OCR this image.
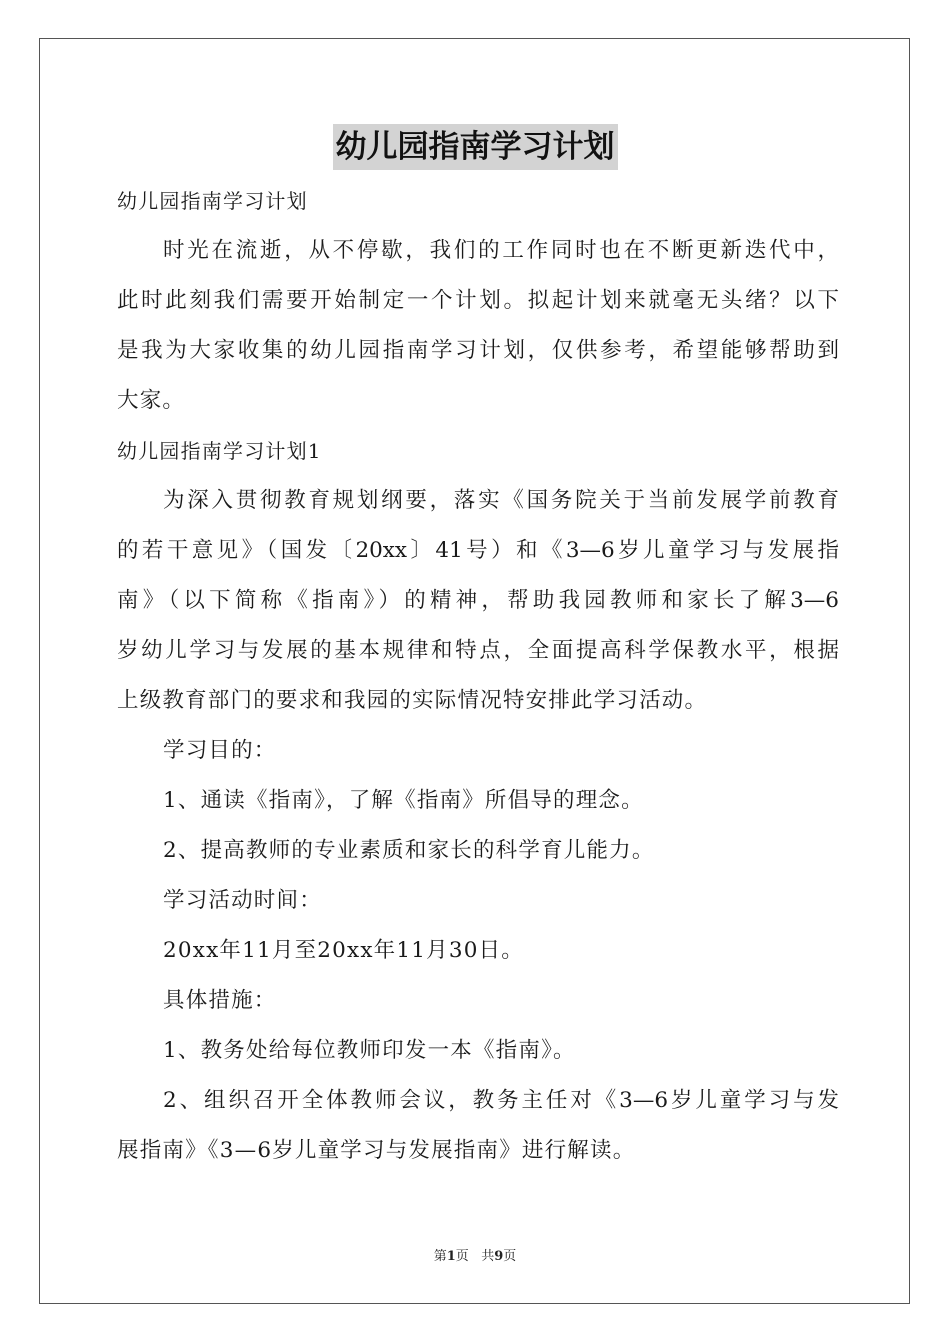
幼儿园指南学习计划
幼儿园指南学习计划
时光在流逝，从不停歇，我们的工作同时也在不断更新迭代中，
此时此刻我们需要开始制定一个计划。拟起计划来就毫无头绪？以下
是我为大家收集的幼儿园指南学习计划，仅供参考，希望能够帮助到
大家。
幼儿园指南学习计划1
为深入贯彻教育规划纲要，落实《国务院关于当前发展学前教育
的若干意见》（国发〔20xx〕41号）和《3—6岁儿童学习与发展指
南》（以下简称《指南》）的精神，帮助我园教师和家长了解3—6
岁幼儿学习与发展的基本规律和特点，全面提高科学保教水平，根据
上级教育部门的要求和我园的实际情况特安排此学习活动。
学习目的：
1、通读《指南》，了解《指南》所倡导的理念。
2、提高教师的专业素质和家长的科学育儿能力。
学习活动时间：
20xx年11月至20xx年11月30日。
具体措施：
1、教务处给每位教师印发一本《指南》。
2、组织召开全体教师会议，教务主任对《3—6岁儿童学习与发
展指南》《3—6岁儿童学习与发展指南》进行解读。
第1页 共9页
